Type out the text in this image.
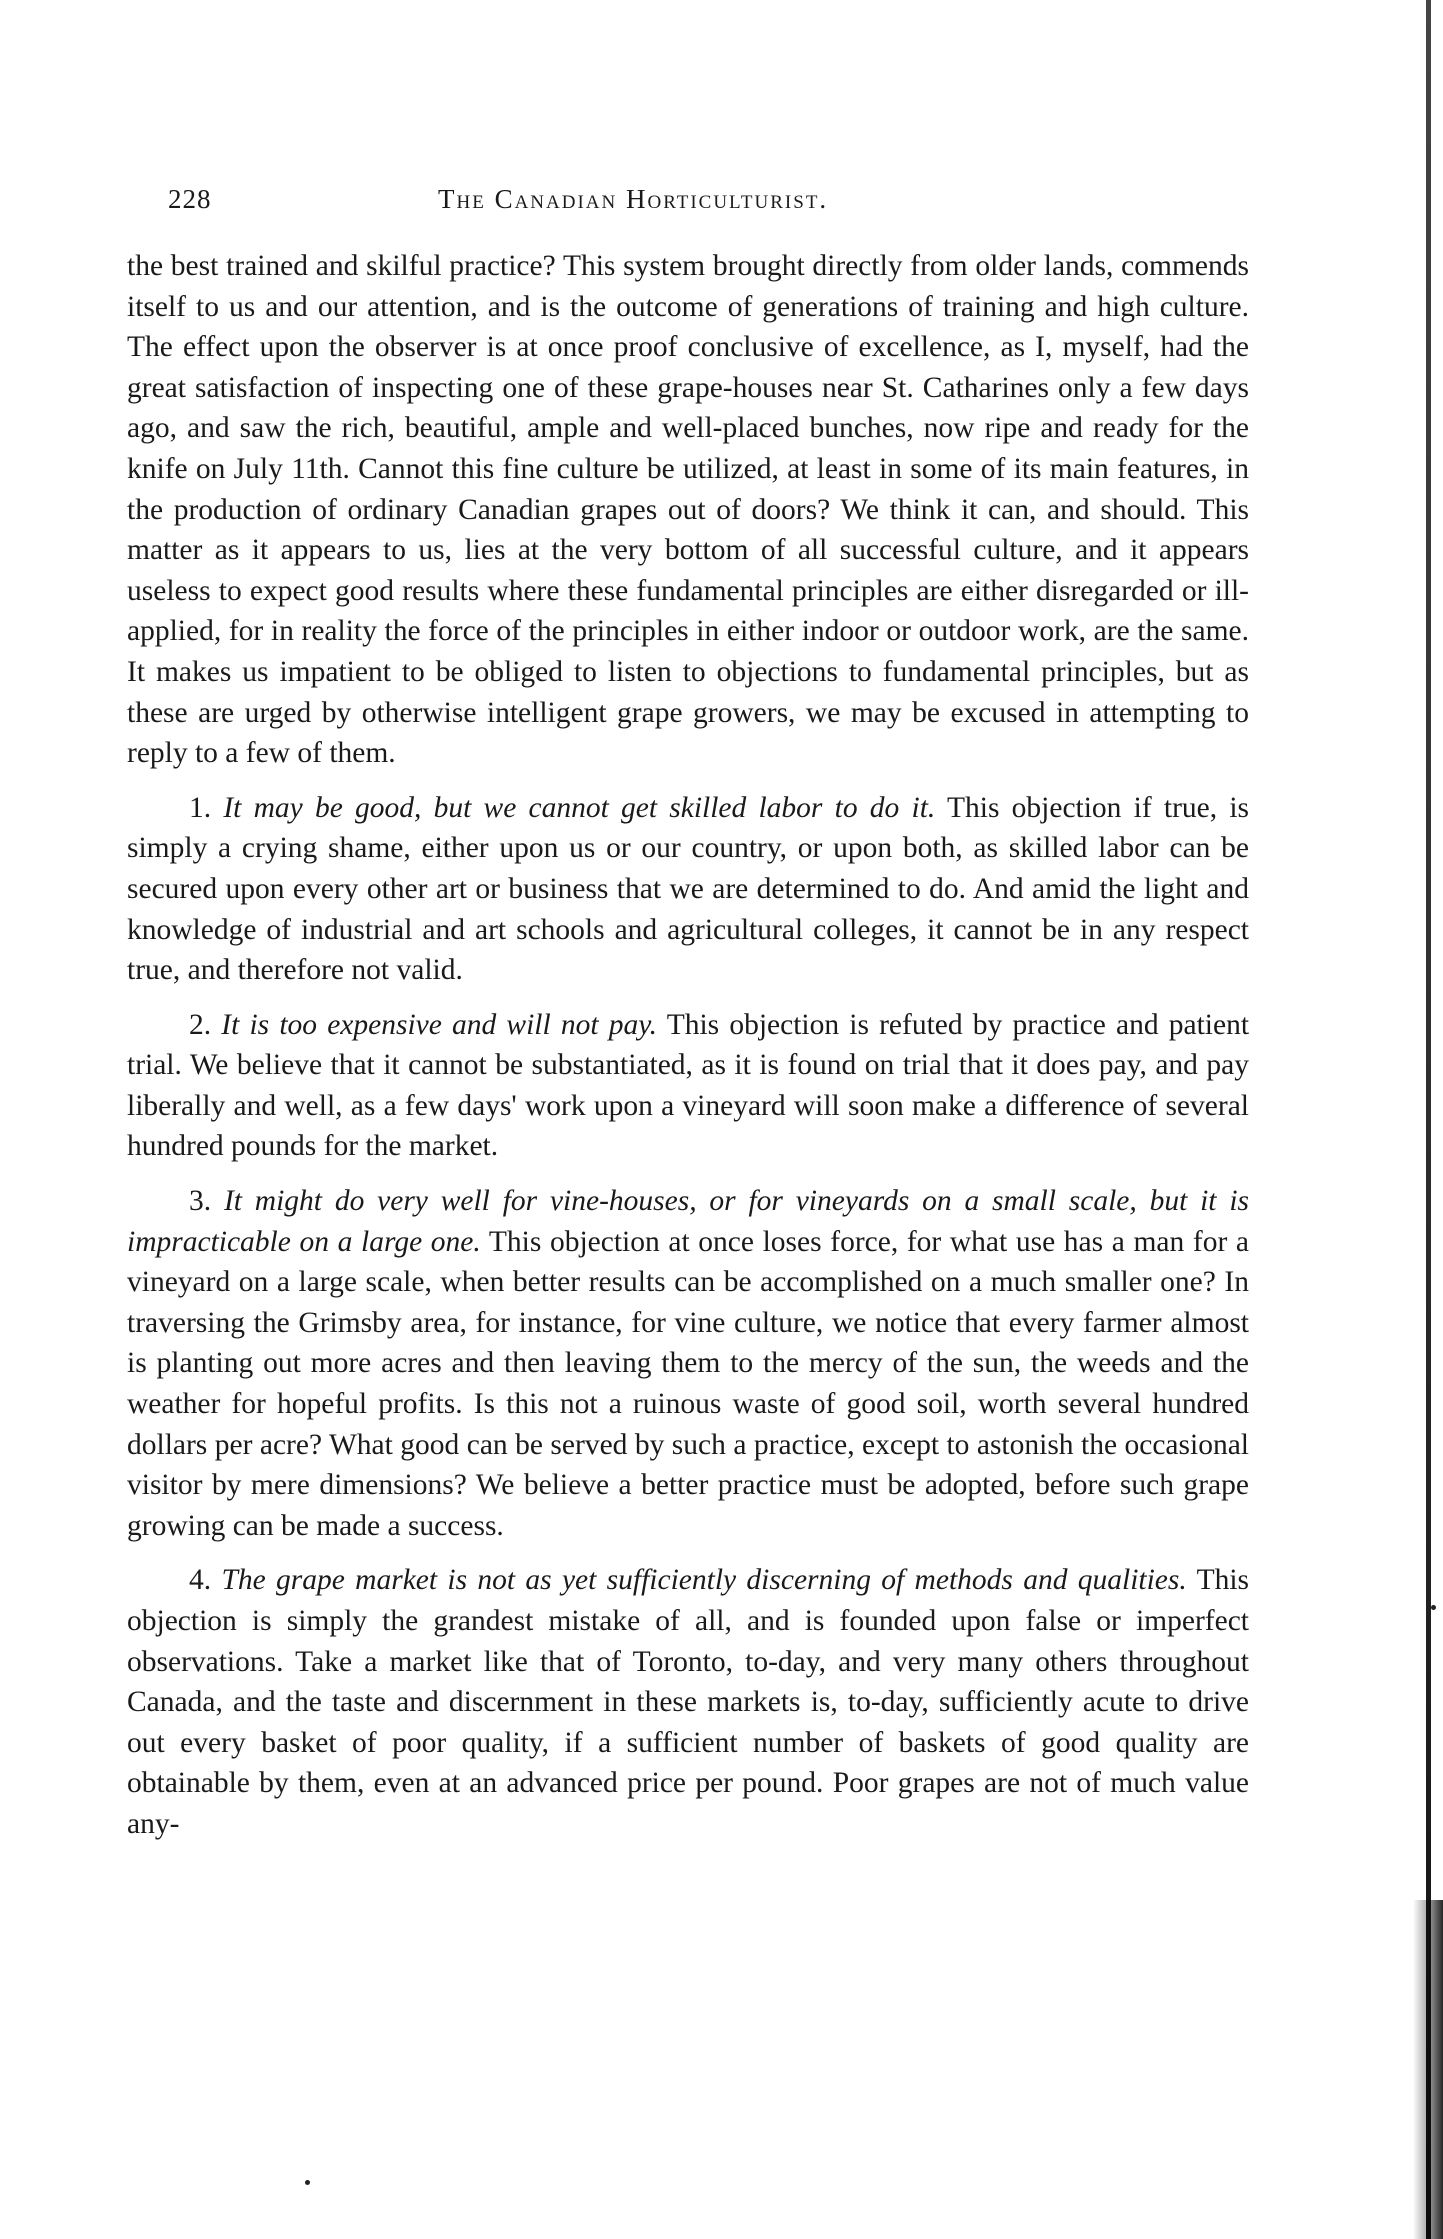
228	The Canadian Horticulturist.

the best trained and skilful practice? This system brought directly from older lands, commends itself to us and our attention, and is the outcome of generations of training and high culture. The effect upon the observer is at once proof conclusive of excellence, as I, myself, had the great satisfaction of inspecting one of these grape-houses near St. Catharines only a few days ago, and saw the rich, beautiful, ample and well-placed bunches, now ripe and ready for the knife on July 11th. Cannot this fine culture be utilized, at least in some of its main features, in the production of ordinary Canadian grapes out of doors? We think it can, and should. This matter as it appears to us, lies at the very bottom of all successful culture, and it appears useless to expect good results where these fundamental principles are either disregarded or ill-applied, for in reality the force of the principles in either indoor or outdoor work, are the same. It makes us impatient to be obliged to listen to objections to fundamental principles, but as these are urged by otherwise intelligent grape growers, we may be excused in attempting to reply to a few of them.

1. It may be good, but we cannot get skilled labor to do it. This objection if true, is simply a crying shame, either upon us or our country, or upon both, as skilled labor can be secured upon every other art or business that we are determined to do. And amid the light and knowledge of industrial and art schools and agricultural colleges, it cannot be in any respect true, and therefore not valid.

2. It is too expensive and will not pay. This objection is refuted by practice and patient trial. We believe that it cannot be substantiated, as it is found on trial that it does pay, and pay liberally and well, as a few days' work upon a vineyard will soon make a difference of several hundred pounds for the market.

3. It might do very well for vine-houses, or for vineyards on a small scale, but it is impracticable on a large one. This objection at once loses force, for what use has a man for a vineyard on a large scale, when better results can be accomplished on a much smaller one? In traversing the Grimsby area, for instance, for vine culture, we notice that every farmer almost is planting out more acres and then leaving them to the mercy of the sun, the weeds and the weather for hopeful profits. Is this not a ruinous waste of good soil, worth several hundred dollars per acre? What good can be served by such a practice, except to astonish the occasional visitor by mere dimensions? We believe a better practice must be adopted, before such grape growing can be made a success.

4. The grape market is not as yet sufficiently discerning of methods and qualities. This objection is simply the grandest mistake of all, and is founded upon false or imperfect observations. Take a market like that of Toronto, to-day, and very many others throughout Canada, and the taste and discernment in these markets is, to-day, sufficiently acute to drive out every basket of poor quality, if a sufficient number of baskets of good quality are obtainable by them, even at an advanced price per pound. Poor grapes are not of much value any-
